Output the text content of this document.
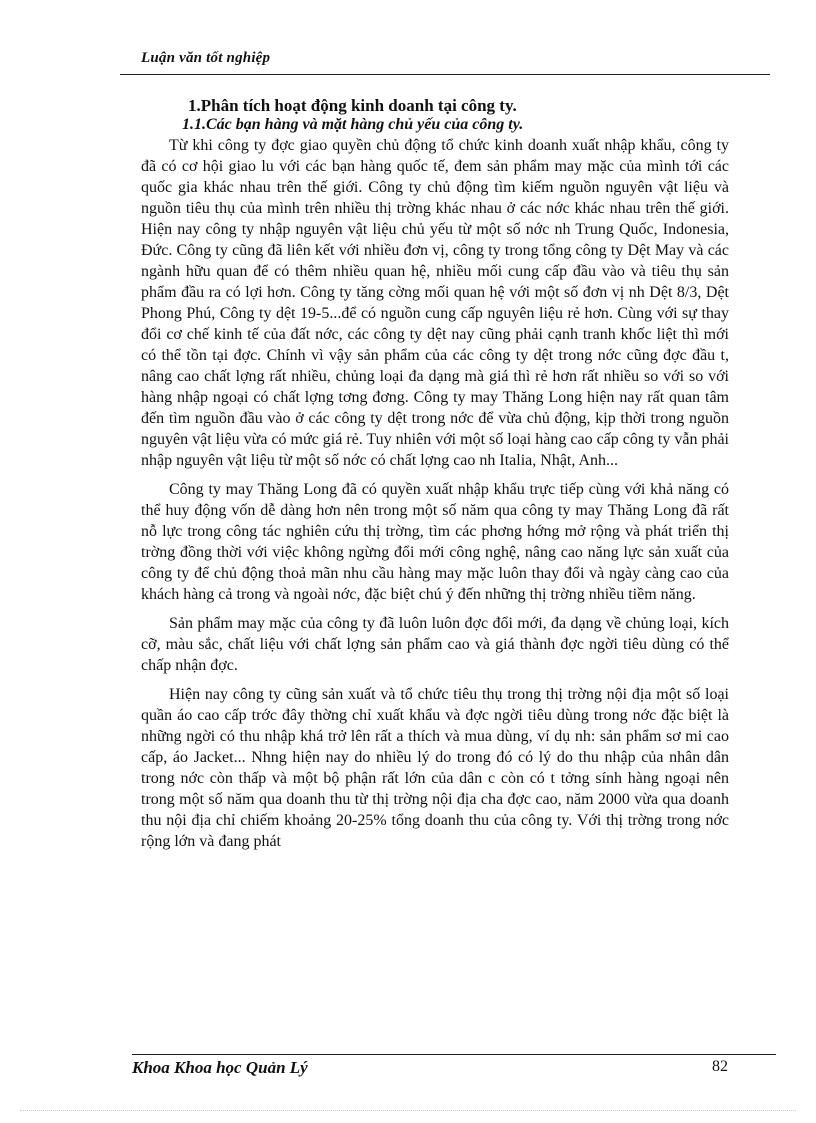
Luận văn tốt nghiệp
1.Phân tích hoạt động kinh doanh tại công ty.
1.1.Các bạn hàng và mặt hàng chủ yếu của công ty.

Từ khi công ty đợc giao quyền chủ động tổ chức kinh doanh xuất nhập khẩu, công ty đã có cơ hội giao lu với các bạn hàng quốc tế, đem sản phẩm may mặc của mình tới các quốc gia khác nhau trên thế giới. Công ty chủ động tìm kiếm nguồn nguyên vật liệu và nguồn tiêu thụ của mình trên nhiều thị trờng khác nhau ở các nớc khác nhau trên thế giới. Hiện nay công ty nhập nguyên vật liệu chủ yếu từ một số nớc nh Trung Quốc, Indonesia, Đức. Công ty cũng đã liên kết với nhiều đơn vị, công ty trong tổng công ty Dệt May và các ngành hữu quan để có thêm nhiều quan hệ, nhiều mối cung cấp đầu vào và tiêu thụ sản phẩm đầu ra có lợi hơn. Công ty tăng cờng mối quan hệ với một số đơn vị nh Dệt 8/3, Dệt Phong Phú, Công ty dệt 19-5...để có nguồn cung cấp nguyên liệu rẻ hơn. Cùng với sự thay đổi cơ chế kinh tế của đất nớc, các công ty dệt nay cũng phải cạnh tranh khốc liệt thì mới có thể tồn tại đợc. Chính vì vậy sản phẩm của các công ty dệt trong nớc cũng đợc đầu t, nâng cao chất lợng rất nhiều, chủng loại đa dạng mà giá thì rẻ hơn rất nhiều so với so với hàng nhập ngoại có chất lợng tơng đơng. Công ty may Thăng Long hiện nay rất quan tâm đến tìm nguồn đầu vào ở các công ty dệt trong nớc để vừa chủ động, kịp thời trong nguồn nguyên vật liệu vừa có mức giá rẻ. Tuy nhiên với một số loại hàng cao cấp công ty vẫn phải nhập nguyên vật liệu từ một số nớc có chất lợng cao nh Italia, Nhật, Anh...

Công ty may Thăng Long đã có quyền xuất nhập khẩu trực tiếp cùng với khả năng có thể huy động vốn dễ dàng hơn nên trong một số năm qua công ty may Thăng Long đã rất nỗ lực trong công tác nghiên cứu thị trờng, tìm các phơng hớng mở rộng và phát triển thị trờng đồng thời với việc không ngừng đổi mới công nghệ, nâng cao năng lực sản xuất của công ty để chủ động thoả mãn nhu cầu hàng may mặc luôn thay đổi và ngày càng cao của khách hàng cả trong và ngoài nớc, đặc biệt chú ý đến những thị trờng nhiều tiềm năng.

Sản phẩm may mặc của công ty đã luôn luôn đợc đổi mới, đa dạng về chủng loại, kích cỡ, màu sắc, chất liệu với chất lợng sản phẩm cao và giá thành đợc ngời tiêu dùng có thể chấp nhận đợc.

Hiện nay công ty cũng sản xuất và tổ chức tiêu thụ trong thị trờng nội địa một số loại quần áo cao cấp trớc đây thờng chỉ xuất khẩu và đợc ngời tiêu dùng trong nớc đặc biệt là những ngời có thu nhập khá trở lên rất a thích và mua dùng, ví dụ nh: sản phẩm sơ mi cao cấp, áo Jacket... Nhng hiện nay do nhiều lý do trong đó có lý do thu nhập của nhân dân trong nớc còn thấp và một bộ phận rất lớn của dân c còn có t tởng sính hàng ngoại nên trong một số năm qua doanh thu từ thị trờng nội địa cha đợc cao, năm 2000 vừa qua doanh thu nội địa chỉ chiếm khoảng 20-25% tổng doanh thu của công ty. Với thị trờng trong nớc rộng lớn và đang phát

Khoa Khoa học Quản Lý	82
